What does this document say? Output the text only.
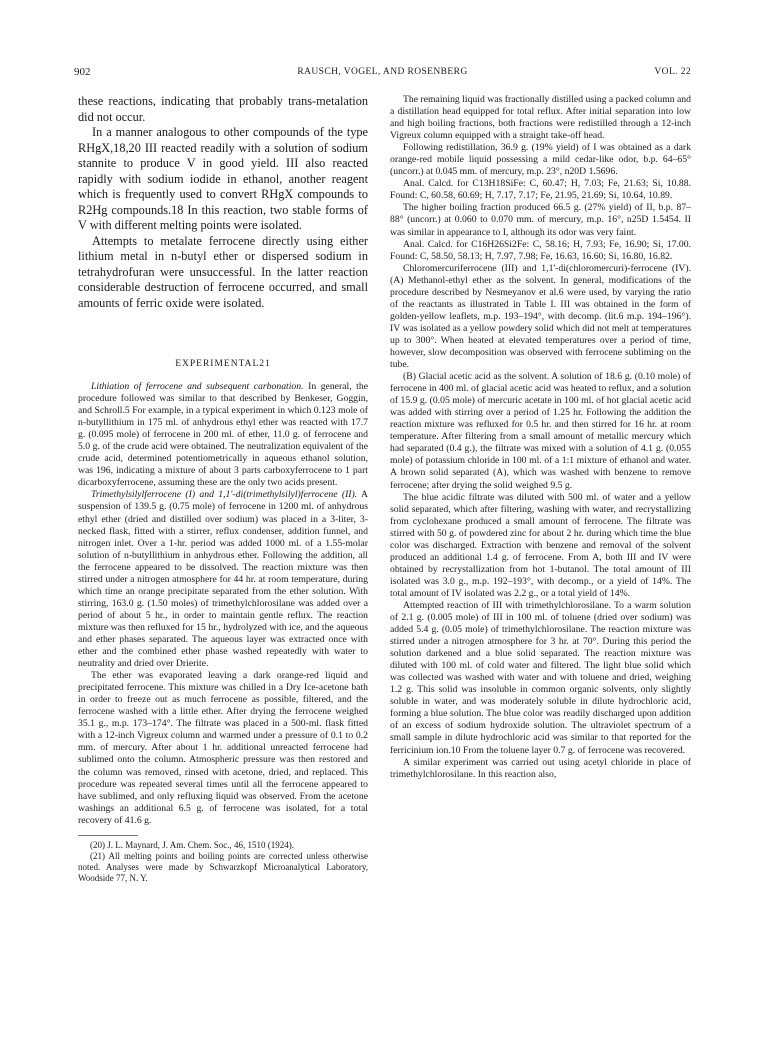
902	RAUSCH, VOGEL, AND ROSENBERG	VOL. 22

these reactions, indicating that probably trans-metalation did not occur.

In a manner analogous to other compounds of the type RHgX,18,20 III reacted readily with a solution of sodium stannite to produce V in good yield. III also reacted rapidly with sodium iodide in ethanol, another reagent which is frequently used to convert RHgX compounds to R2Hg compounds.18 In this reaction, two stable forms of V with different melting points were isolated.

Attempts to metalate ferrocene directly using either lithium metal in n-butyl ether or dispersed sodium in tetrahydrofuran were unsuccessful. In the latter reaction considerable destruction of ferrocene occurred, and small amounts of ferric oxide were isolated.

EXPERIMENTAL21

Lithiation of ferrocene and subsequent carbonation. In general, the procedure followed was similar to that described by Benkeser, Goggin, and Schroll.5 For example, in a typical experiment in which 0.123 mole of n-butyllithium in 175 ml. of anhydrous ethyl ether was reacted with 17.7 g. (0.095 mole) of ferrocene in 200 ml. of ether, 11.0 g. of ferrocene and 5.0 g. of the crude acid were obtained. The neutralization equivalent of the crude acid, determined potentiometrically in aqueous ethanol solution, was 196, indicating a mixture of about 3 parts carboxyferrocene to 1 part dicarboxyferrocene, assuming these are the only two acids present.

Trimethylsilylferrocene (I) and 1,1'-di(trimethylsilyl)ferrocene (II). A suspension of 139.5 g. (0.75 mole) of ferrocene in 1200 ml. of anhydrous ethyl ether (dried and distilled over sodium) was placed in a 3-liter, 3-necked flask, fitted with a stirrer, reflux condenser, addition funnel, and nitrogen inlet. Over a 1-hr. period was added 1000 ml. of a 1.55-molar solution of n-butyllithium in anhydrous ether. Following the addition, all the ferrocene appeared to be dissolved. The reaction mixture was then stirred under a nitrogen atmosphere for 44 hr. at room temperature, during which time an orange precipitate separated from the ether solution. With stirring, 163.0 g. (1.50 moles) of trimethylchlorosilane was added over a period of about 5 hr., in order to maintain gentle reflux. The reaction mixture was then refluxed for 15 hr., hydrolyzed with ice, and the aqueous and ether phases separated. The aqueous layer was extracted once with ether and the combined ether phase washed repeatedly with water to neutrality and dried over Drierite.

The ether was evaporated leaving a dark orange-red liquid and precipitated ferrocene. This mixture was chilled in a Dry Ice-acetone bath in order to freeze out as much ferrocene as possible, filtered, and the ferrocene washed with a little ether. After drying the ferrocene weighed 35.1 g., m.p. 173–174°. The filtrate was placed in a 500-ml. flask fitted with a 12-inch Vigreux column and warmed under a pressure of 0.1 to 0.2 mm. of mercury. After about 1 hr. additional unreacted ferrocene had sublimed onto the column. Atmospheric pressure was then restored and the column was removed, rinsed with acetone, dried, and replaced. This procedure was repeated several times until all the ferrocene appeared to have sublimed, and only refluxing liquid was observed. From the acetone washings an additional 6.5 g. of ferrocene was isolated, for a total recovery of 41.6 g.

(20) J. L. Maynard, J. Am. Chem. Soc., 46, 1510 (1924).

(21) All melting points and boiling points are corrected unless otherwise noted. Analyses were made by Schwarzkopf Microanalytical Laboratory, Woodside 77, N. Y.

The remaining liquid was fractionally distilled using a packed column and a distillation head equipped for total reflux. After initial separation into low and high boiling fractions, both fractions were redistilled through a 12-inch Vigreux column equipped with a straight take-off head.

Following redistillation, 36.9 g. (19% yield) of I was obtained as a dark orange-red mobile liquid possessing a mild cedar-like odor, b.p. 64–65° (uncorr.) at 0.045 mm. of mercury, m.p. 23°, n20D 1.5696.

Anal. Calcd. for C13H18SiFe: C, 60.47; H, 7.03; Fe, 21.63; Si, 10.88. Found: C, 60.58, 60.69; H, 7.17, 7.17; Fe, 21.95, 21.69; Si, 10.64, 10.89.

The higher boiling fraction produced 66.5 g. (27% yield) of II, b.p. 87–88° (uncorr.) at 0.060 to 0.070 mm. of mercury, m.p. 16°, n25D 1.5454. II was similar in appearance to I, although its odor was very faint.

Anal. Calcd. for C16H26Si2Fe: C, 58.16; H, 7.93; Fe, 16.90; Si, 17.00. Found: C, 58.50, 58.13; H, 7.97, 7.98; Fe, 16.63, 16.60; Si, 16.80, 16.82.

Chloromercuriferrocene (III) and 1,1'-di(chloromercuri)-ferrocene (IV). (A) Methanol-ethyl ether as the solvent. In general, modifications of the procedure described by Nesmeyanov et al.6 were used, by varying the ratio of the reactants as illustrated in Table I. III was obtained in the form of golden-yellow leaflets, m.p. 193–194°, with decomp. (lit.6 m.p. 194–196°). IV was isolated as a yellow powdery solid which did not melt at temperatures up to 300°. When heated at elevated temperatures over a period of time, however, slow decomposition was observed with ferrocene subliming on the tube.

(B) Glacial acetic acid as the solvent. A solution of 18.6 g. (0.10 mole) of ferrocene in 400 ml. of glacial acetic acid was heated to reflux, and a solution of 15.9 g. (0.05 mole) of mercuric acetate in 100 ml. of hot glacial acetic acid was added with stirring over a period of 1.25 hr. Following the addition the reaction mixture was refluxed for 0.5 hr. and then stirred for 16 hr. at room temperature. After filtering from a small amount of metallic mercury which had separated (0.4 g.), the filtrate was mixed with a solution of 4.1 g. (0.055 mole) of potassium chloride in 100 ml. of a 1:1 mixture of ethanol and water. A brown solid separated (A), which was washed with benzene to remove ferrocene; after drying the solid weighed 9.5 g.

The blue acidic filtrate was diluted with 500 ml. of water and a yellow solid separated, which after filtering, washing with water, and recrystallizing from cyclohexane produced a small amount of ferrocene. The filtrate was stirred with 50 g. of powdered zinc for about 2 hr. during which time the blue color was discharged. Extraction with benzene and removal of the solvent produced an additional 1.4 g. of ferrocene. From A, both III and IV were obtained by recrystallization from hot 1-butanol. The total amount of III isolated was 3.0 g., m.p. 192–193°, with decomp., or a yield of 14%. The total amount of IV isolated was 2.2 g., or a total yield of 14%.

Attempted reaction of III with trimethylchlorosilane. To a warm solution of 2.1 g. (0.005 mole) of III in 100 ml. of toluene (dried over sodium) was added 5.4 g. (0.05 mole) of trimethylchlorosilane. The reaction mixture was stirred under a nitrogen atmosphere for 3 hr. at 70°. During this period the solution darkened and a blue solid separated. The reaction mixture was diluted with 100 ml. of cold water and filtered. The light blue solid which was collected was washed with water and with toluene and dried, weighing 1.2 g. This solid was insoluble in common organic solvents, only slightly soluble in water, and was moderately soluble in dilute hydrochloric acid, forming a blue solution. The blue color was readily discharged upon addition of an excess of sodium hydroxide solution. The ultraviolet spectrum of a small sample in dilute hydrochloric acid was similar to that reported for the ferricinium ion.10 From the toluene layer 0.7 g. of ferrocene was recovered.

A similar experiment was carried out using acetyl chloride in place of trimethylchlorosilane. In this reaction also,
